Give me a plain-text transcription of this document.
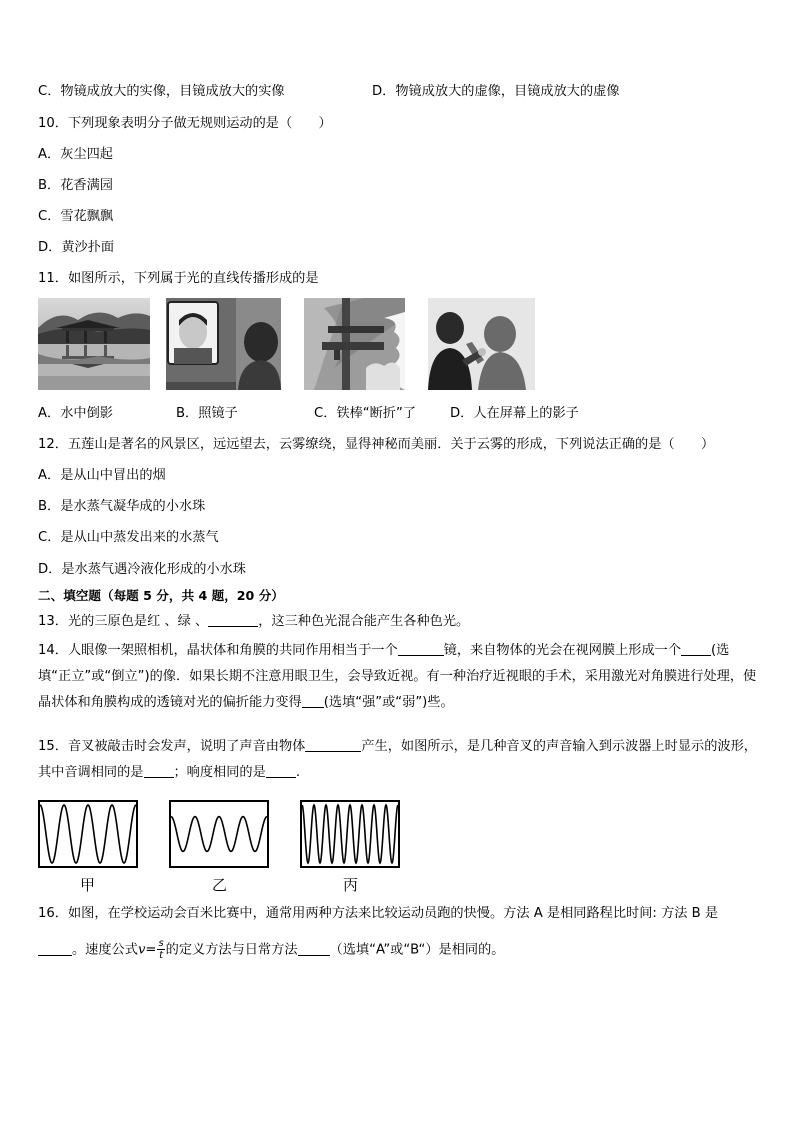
C．物镜成放大的实像，目镜成放大的实像	D．物镜成放大的虚像，目镜成放大的虚像
10．下列现象表明分子做无规则运动的是（　　）
A．灰尘四起
B．花香满园
C．雪花飘飘
D．黄沙扑面
11．如图所示，下列属于光的直线传播形成的是
A．水中倒影	B．照镜子	C．铁棒“断折”了	D．人在屏幕上的影子
12．五莲山是著名的风景区，远远望去，云雾缭绕，显得神秘而美丽．关于云雾的形成，下列说法正确的是（　　）
A．是从山中冒出的烟
B．是水蒸气凝华成的小水珠
C．是从山中蒸发出来的水蒸气
D．是水蒸气遇冷液化形成的小水珠
二、填空题（每题 5 分，共 4 题，20 分）
13．光的三原色是红 、绿 、	，这三种色光混合能产生各种色光。
14．人眼像一架照相机，晶状体和角膜的共同作用相当于一个	镜，来自物体的光会在视网膜上形成一个 (选填“正立”或“倒立”)的像．如果长期不注意用眼卫生，会导致近视。有一种治疗近视眼的手术，采用激光对角膜进行处理，使晶状体和角膜构成的透镜对光的偏折能力变得 (选填“强”或“弱”)些。
15．音叉被敲击时会发声，说明了声音由物体	产生，如图所示，是几种音叉的声音输入到示波器上时显示的波形，其中音调相同的是 ；响度相同的是 .
甲	乙	丙
16．如图，在学校运动会百米比赛中，通常用两种方法来比较运动员跑的快慢。方法 A 是相同路程比时间: 方法 B 是
。速度公式$v= \frac{s}{t}$ 的定义方法与日常方法 （选填“A”或“B“）是相同的。
